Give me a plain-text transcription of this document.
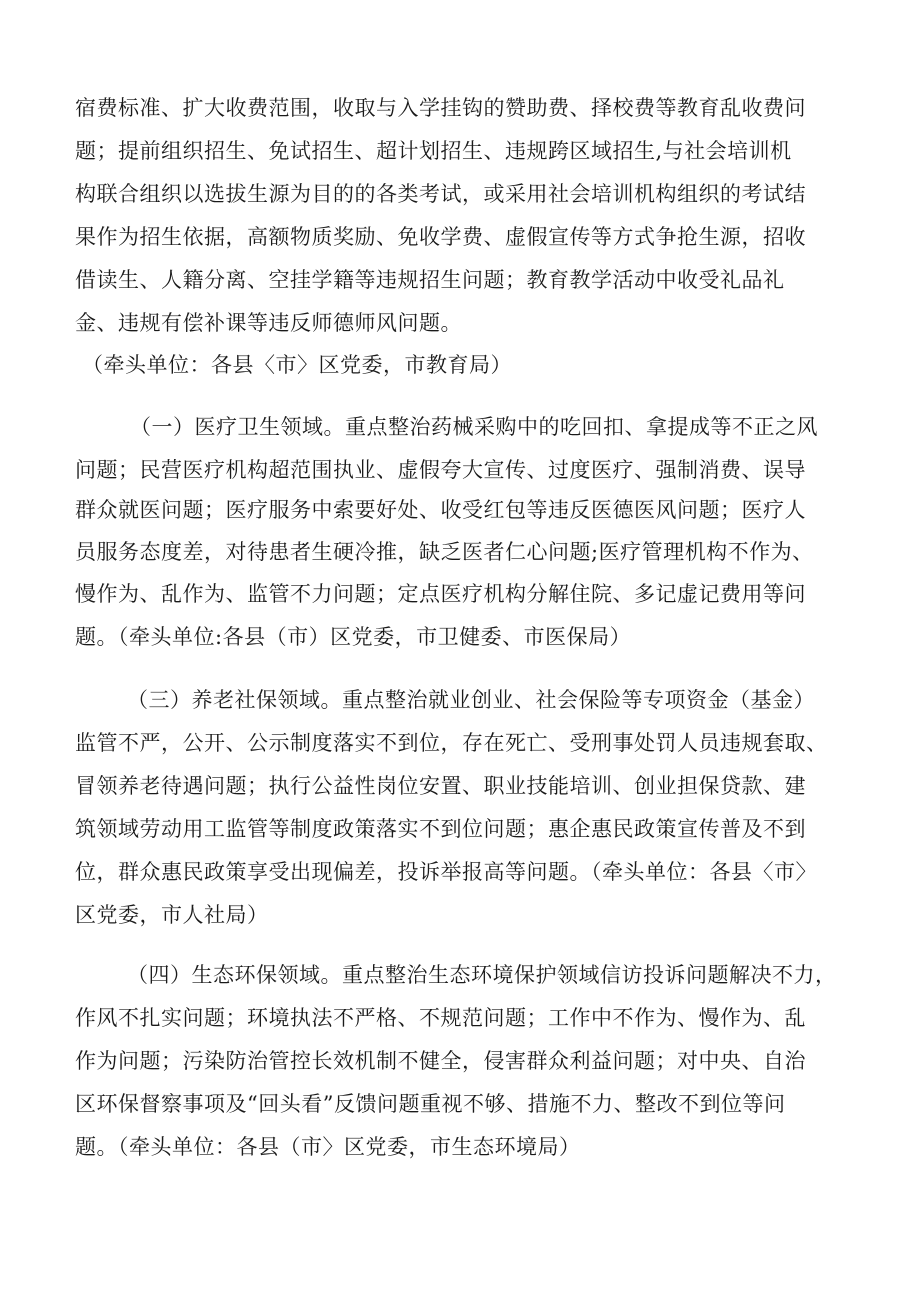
宿费标准、扩大收费范围，收取与入学挂钩的赞助费、择校费等教育乱收费问
题；提前组织招生、免试招生、超计划招生、违规跨区域招生,与社会培训机
构联合组织以选拔生源为目的的各类考试，或采用社会培训机构组织的考试结
果作为招生依据，高额物质奖励、免收学费、虚假宣传等方式争抢生源，招收
借读生、人籍分离、空挂学籍等违规招生问题；教育教学活动中收受礼品礼
金、违规有偿补课等违反师德师风问题。
（牵头单位：各县〈市〉区党委，市教育局）
（一）医疗卫生领域。重点整治药械采购中的吃回扣、拿提成等不正之风
问题；民营医疗机构超范围执业、虚假夸大宣传、过度医疗、强制消费、误导
群众就医问题；医疗服务中索要好处、收受红包等违反医德医风问题；医疗人
员服务态度差，对待患者生硬冷推，缺乏医者仁心问题;医疗管理机构不作为、
慢作为、乱作为、监管不力问题；定点医疗机构分解住院、多记虚记费用等问
题。（牵头单位:各县（市）区党委，市卫健委、市医保局）
（三）养老社保领域。重点整治就业创业、社会保险等专项资金（基金）
监管不严，公开、公示制度落实不到位，存在死亡、受刑事处罚人员违规套取、
冒领养老待遇问题；执行公益性岗位安置、职业技能培训、创业担保贷款、建
筑领域劳动用工监管等制度政策落实不到位问题；惠企惠民政策宣传普及不到
位，群众惠民政策享受出现偏差，投诉举报高等问题。（牵头单位：各县〈市〉
区党委，市人社局）
（四）生态环保领域。重点整治生态环境保护领域信访投诉问题解决不力，
作风不扎实问题；环境执法不严格、不规范问题；工作中不作为、慢作为、乱
作为问题；污染防治管控长效机制不健全，侵害群众利益问题；对中央、自治
区环保督察事项及“回头看”反馈问题重视不够、措施不力、整改不到位等问
题。（牵头单位：各县（市〉区党委，市生态环境局）
